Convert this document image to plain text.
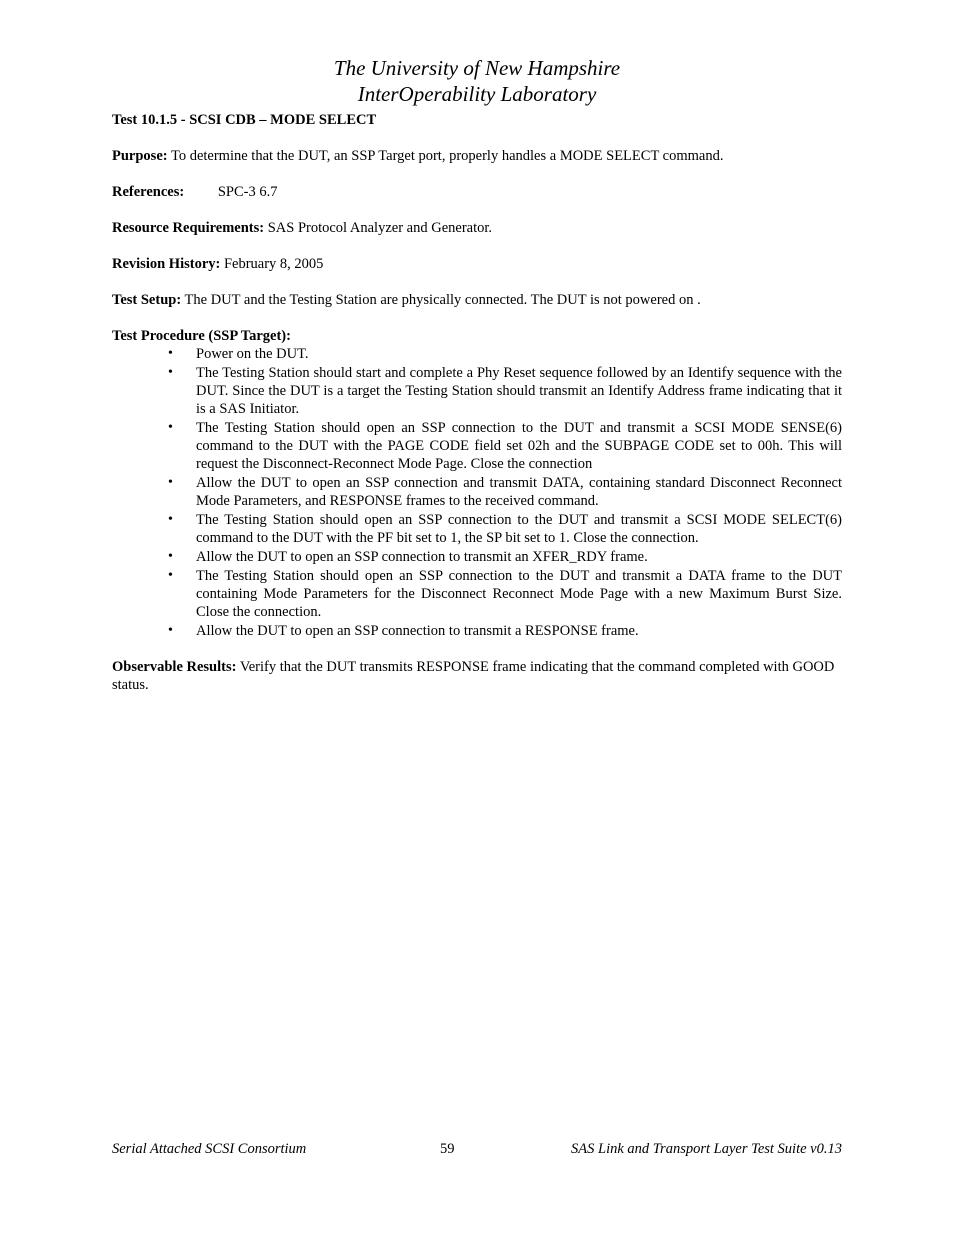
The University of New Hampshire
InterOperability Laboratory
Test 10.1.5 - SCSI CDB – MODE SELECT
Purpose: To determine that the DUT, an SSP Target port, properly handles a MODE SELECT command.
References: SPC-3 6.7
Resource Requirements: SAS Protocol Analyzer and Generator.
Revision History: February 8, 2005
Test Setup: The DUT and the Testing Station are physically connected. The DUT is not powered on .
Test Procedure (SSP Target):
• Power on the DUT.
• The Testing Station should start and complete a Phy Reset sequence followed by an Identify sequence with the DUT. Since the DUT is a target the Testing Station should transmit an Identify Address frame indicating that it is a SAS Initiator.
• The Testing Station should open an SSP connection to the DUT and transmit a SCSI MODE SENSE(6) command to the DUT with the PAGE CODE field set 02h and the SUBPAGE CODE set to 00h. This will request the Disconnect-Reconnect Mode Page. Close the connection
• Allow the DUT to open an SSP connection and transmit DATA, containing standard Disconnect Reconnect Mode Parameters, and RESPONSE frames to the received command.
• The Testing Station should open an SSP connection to the DUT and transmit a SCSI MODE SELECT(6) command to the DUT with the PF bit set to 1, the SP bit set to 1. Close the connection.
• Allow the DUT to open an SSP connection to transmit an XFER_RDY frame.
• The Testing Station should open an SSP connection to the DUT and transmit a DATA frame to the DUT containing Mode Parameters for the Disconnect Reconnect Mode Page with a new Maximum Burst Size. Close the connection.
• Allow the DUT to open an SSP connection to transmit a RESPONSE frame.
Observable Results: Verify that the DUT transmits RESPONSE frame indicating that the command completed with GOOD status.
Serial Attached SCSI Consortium	59	SAS Link and Transport Layer Test Suite v0.13
